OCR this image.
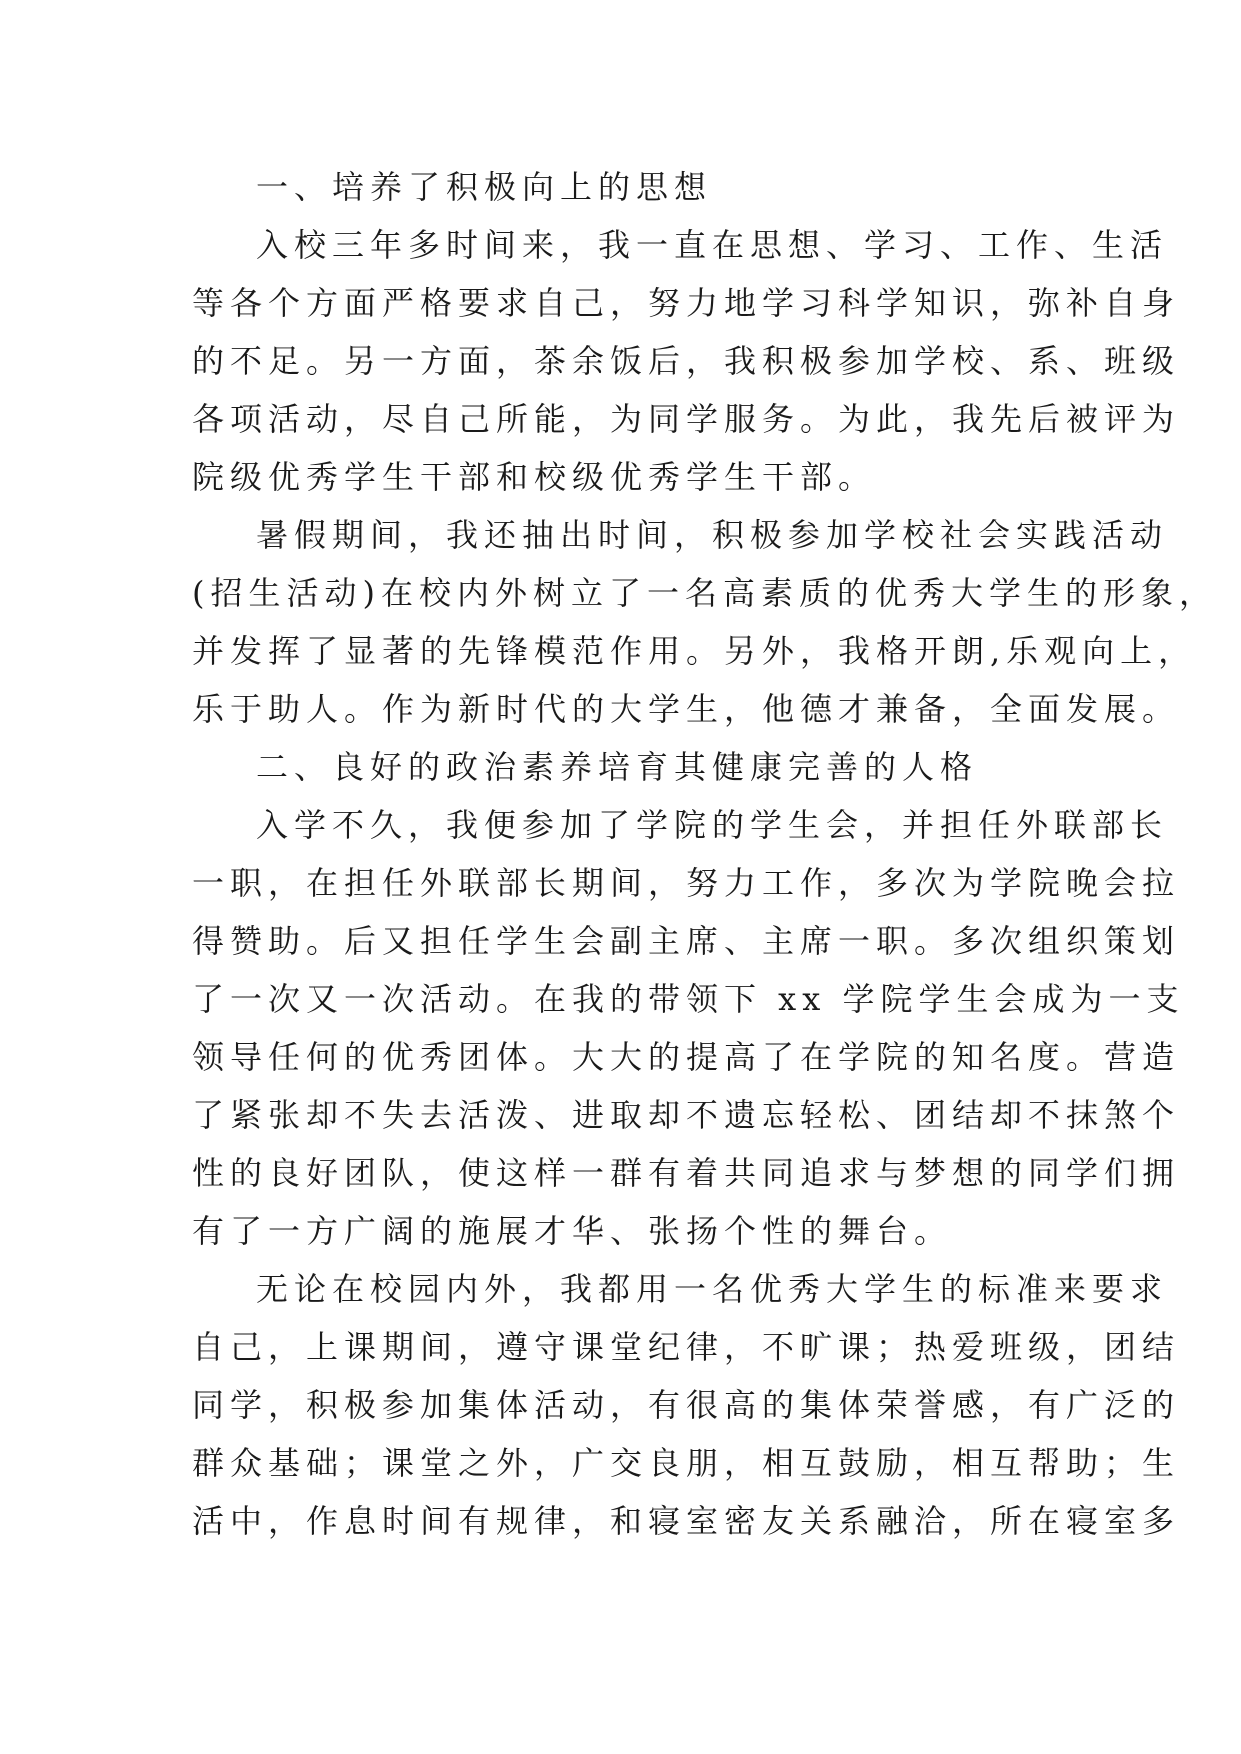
一、培养了积极向上的思想
入校三年多时间来，我一直在思想、学习、工作、生活
等各个方面严格要求自己，努力地学习科学知识，弥补自身
的不足。另一方面，茶余饭后，我积极参加学校、系、班级
各项活动，尽自己所能，为同学服务。为此，我先后被评为
院级优秀学生干部和校级优秀学生干部。
暑假期间，我还抽出时间，积极参加学校社会实践活动
(招生活动)在校内外树立了一名高素质的优秀大学生的形象，
并发挥了显著的先锋模范作用。另外，我格开朗,乐观向上，
乐于助人。作为新时代的大学生，他德才兼备，全面发展。
二、良好的政治素养培育其健康完善的人格
入学不久，我便参加了学院的学生会，并担任外联部长
一职，在担任外联部长期间，努力工作，多次为学院晚会拉
得赞助。后又担任学生会副主席、主席一职。多次组织策划
了一次又一次活动。在我的带领下 xx 学院学生会成为一支
领导任何的优秀团体。大大的提高了在学院的知名度。营造
了紧张却不失去活泼、进取却不遗忘轻松、团结却不抹煞个
性的良好团队，使这样一群有着共同追求与梦想的同学们拥
有了一方广阔的施展才华、张扬个性的舞台。
无论在校园内外，我都用一名优秀大学生的标准来要求
自己，上课期间，遵守课堂纪律，不旷课；热爱班级，团结
同学，积极参加集体活动，有很高的集体荣誉感，有广泛的
群众基础；课堂之外，广交良朋，相互鼓励，相互帮助；生
活中，作息时间有规律，和寝室密友关系融洽，所在寝室多
